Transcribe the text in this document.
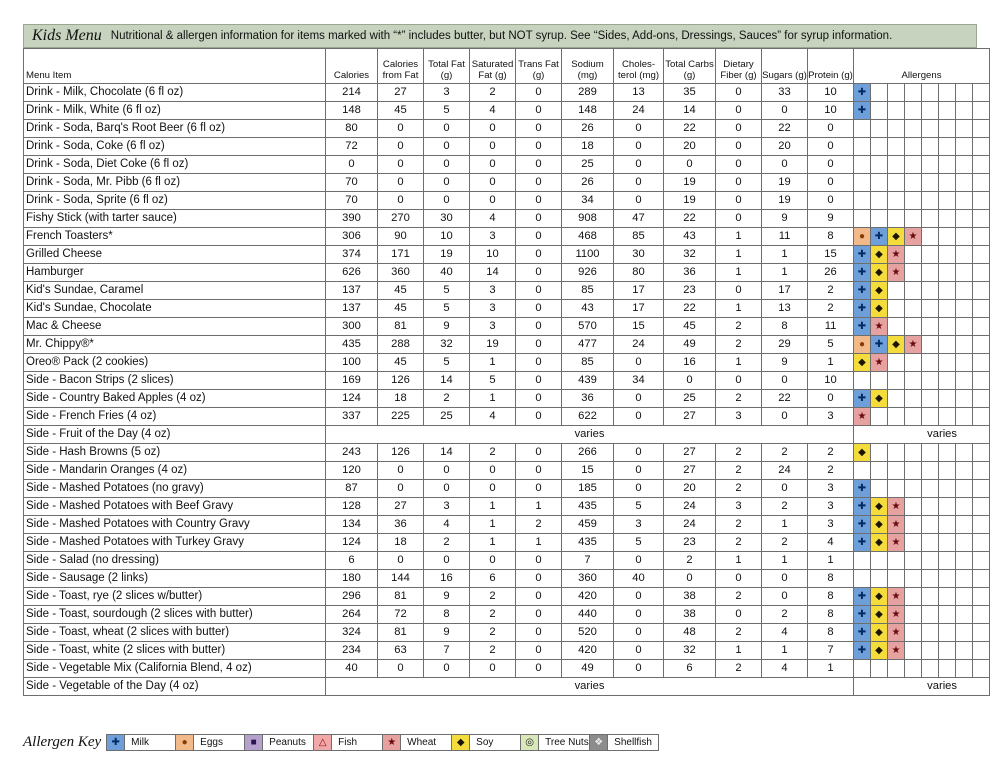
Kids Menu Nutritional & allergen information for items marked with “*” includes butter, but NOT syrup. See “Sides, Add-ons, Dressings, Sauces” for syrup information.
Menu Item	Calories	Calories from Fat	Total Fat (g)	Saturated Fat (g)	Trans Fat (g)	Sodium (mg)	Choles-terol (mg)	Total Carbs (g)	Dietary Fiber (g)	Sugars (g)	Protein (g)	Allergens							
Drink - Milk, Chocolate (6 fl oz)	214	27	3	2	0	289	13	35	0	33	10	✚							

Drink - Milk, White (6 fl oz)	148	45	5	4	0	148	24	14	0	0	10	✚							

Drink - Soda, Barq's Root Beer (6 fl oz)	80	0	0	0	0	26	0	22	0	22	0								
Drink - Soda, Coke (6 fl oz)	72	0	0	0	0	18	0	20	0	20	0								
Drink - Soda, Diet Coke (6 fl oz)	0	0	0	0	0	25	0	0	0	0	0								
Drink - Soda, Mr. Pibb (6 fl oz)	70	0	0	0	0	26	0	19	0	19	0								
Drink - Soda, Sprite (6 fl oz)	70	0	0	0	0	34	0	19	0	19	0								
Fishy Stick (with tarter sauce)	390	270	30	4	0	908	47	22	0	9	9								
French Toasters*	306	90	10	3	0	468	85	43	1	11	8	●	✚	◆	★				

Grilled Cheese	374	171	19	10	0	1100	30	32	1	1	15	✚	◆	★					

Hamburger	626	360	40	14	0	926	80	36	1	1	26	✚	◆	★					

Kid's Sundae, Caramel	137	45	5	3	0	85	17	23	0	17	2	✚	◆						

Kid's Sundae, Chocolate	137	45	5	3	0	43	17	22	1	13	2	✚	◆						

Mac & Cheese	300	81	9	3	0	570	15	45	2	8	11	✚	★						

Mr. Chippy®*	435	288	32	19	0	477	24	49	2	29	5	●	✚	◆	★				

Oreo® Pack (2 cookies)	100	45	5	1	0	85	0	16	1	9	1	◆	★						

Side - Bacon Strips (2 slices)	169	126	14	5	0	439	34	0	0	0	10								
Side - Country Baked Apples (4 oz)	124	18	2	1	0	36	0	25	2	22	0	✚	◆						

Side - French Fries (4 oz)	337	225	25	4	0	622	0	27	3	0	3	★							

Side - Fruit of the Day (4 oz)	varies											varies							
Side - Hash Browns (5 oz)	243	126	14	2	0	266	0	27	2	2	2	◆							

Side - Mandarin Oranges (4 oz)	120	0	0	0	0	15	0	27	2	24	2								
Side - Mashed Potatoes (no gravy)	87	0	0	0	0	185	0	20	2	0	3	✚							

Side - Mashed Potatoes with Beef Gravy	128	27	3	1	1	435	5	24	3	2	3	✚	◆	★					

Side - Mashed Potatoes with Country Gravy	134	36	4	1	2	459	3	24	2	1	3	✚	◆	★					

Side - Mashed Potatoes with Turkey Gravy	124	18	2	1	1	435	5	23	2	2	4	✚	◆	★					

Side - Salad (no dressing)	6	0	0	0	0	7	0	2	1	1	1								
Side - Sausage (2 links)	180	144	16	6	0	360	40	0	0	0	8								
Side - Toast, rye (2 slices w/butter)	296	81	9	2	0	420	0	38	2	0	8	✚	◆	★					

Side - Toast, sourdough (2 slices with butter)	264	72	8	2	0	440	0	38	0	2	8	✚	◆	★					

Side - Toast, wheat (2 slices with butter)	324	81	9	2	0	520	0	48	2	4	8	✚	◆	★					

Side - Toast, white (2 slices with butter)	234	63	7	2	0	420	0	32	1	1	7	✚	◆	★					

Side - Vegetable Mix (California Blend, 4 oz)	40	0	0	0	0	49	0	6	2	4	1								
Side - Vegetable of the Day (4 oz)	varies											varies							
Allergen Key	✚	Milk	●	Eggs	■	Peanuts	△	Fish	★	Wheat	◆	Soy	◎	Tree Nuts ❖	Shellfish
